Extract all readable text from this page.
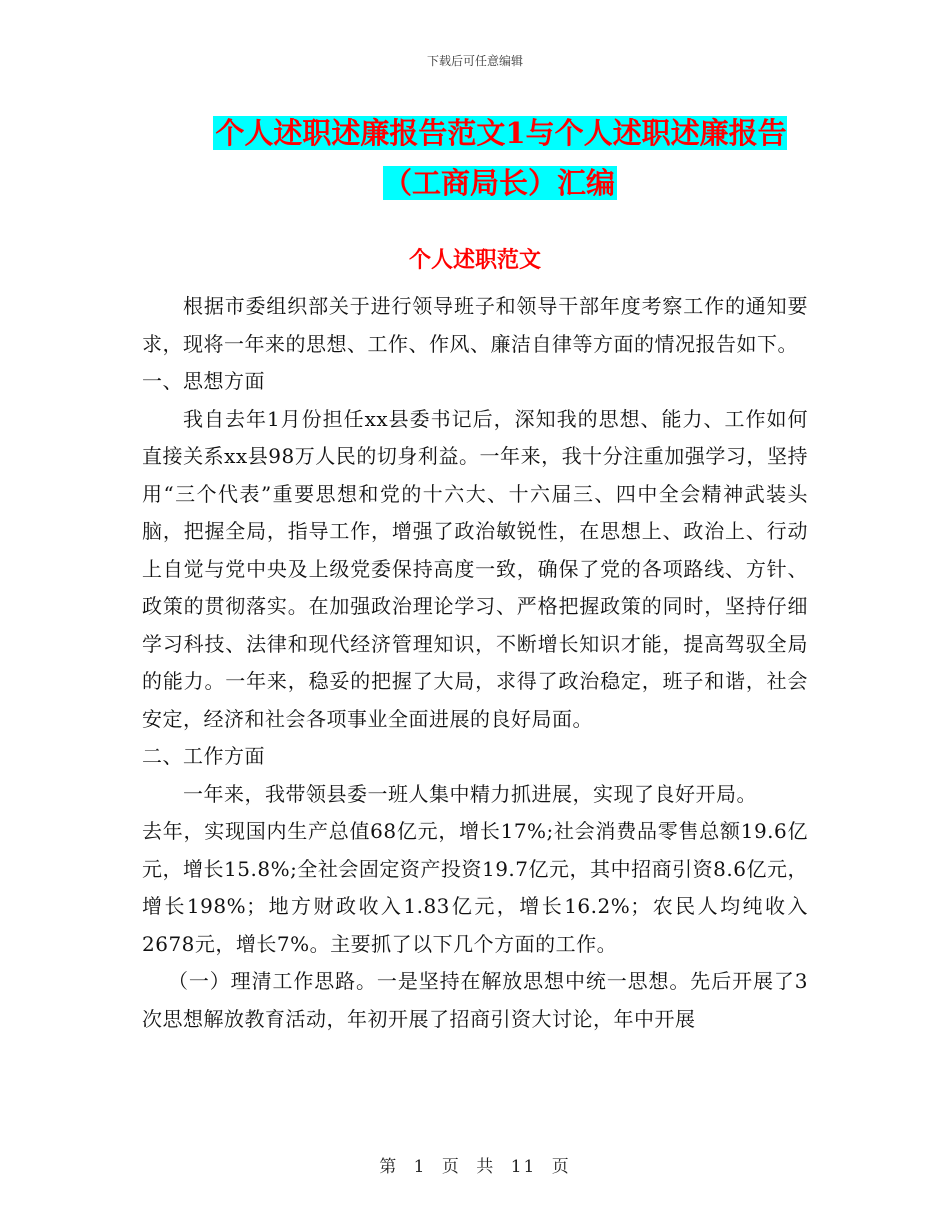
下载后可任意编辑
个人述职述廉报告范文1与个人述职述廉报告（工商局长）汇编
个人述职范文

根据市委组织部关于进行领导班子和领导干部年度考察工作的通知要求，现将一年来的思想、工作、作风、廉洁自律等方面的情况报告如下。

一、思想方面

我自去年1月份担任xx县委书记后，深知我的思想、能力、工作如何直接关系xx县98万人民的切身利益。一年来，我十分注重加强学习，坚持用“三个代表”重要思想和党的十六大、十六届三、四中全会精神武装头脑，把握全局，指导工作，增强了政治敏锐性，在思想上、政治上、行动上自觉与党中央及上级党委保持高度一致，确保了党的各项路线、方针、政策的贯彻落实。在加强政治理论学习、严格把握政策的同时，坚持仔细学习科技、法律和现代经济管理知识，不断增长知识才能，提高驾驭全局的能力。一年来，稳妥的把握了大局，求得了政治稳定，班子和谐，社会安定，经济和社会各项事业全面进展的良好局面。

二、工作方面

一年来，我带领县委一班人集中精力抓进展，实现了良好开局。

去年，实现国内生产总值68亿元，增长17%;社会消费品零售总额19.6亿元，增长15.8%;全社会固定资产投资19.7亿元，其中招商引资8.6亿元，增长198%；地方财政收入1.83亿元，增长16.2%；农民人均纯收入2678元，增长7%。主要抓了以下几个方面的工作。

（一）理清工作思路。一是坚持在解放思想中统一思想。先后开展了3次思想解放教育活动，年初开展了招商引资大讨论，年中开展

第 1 页 共 11 页
